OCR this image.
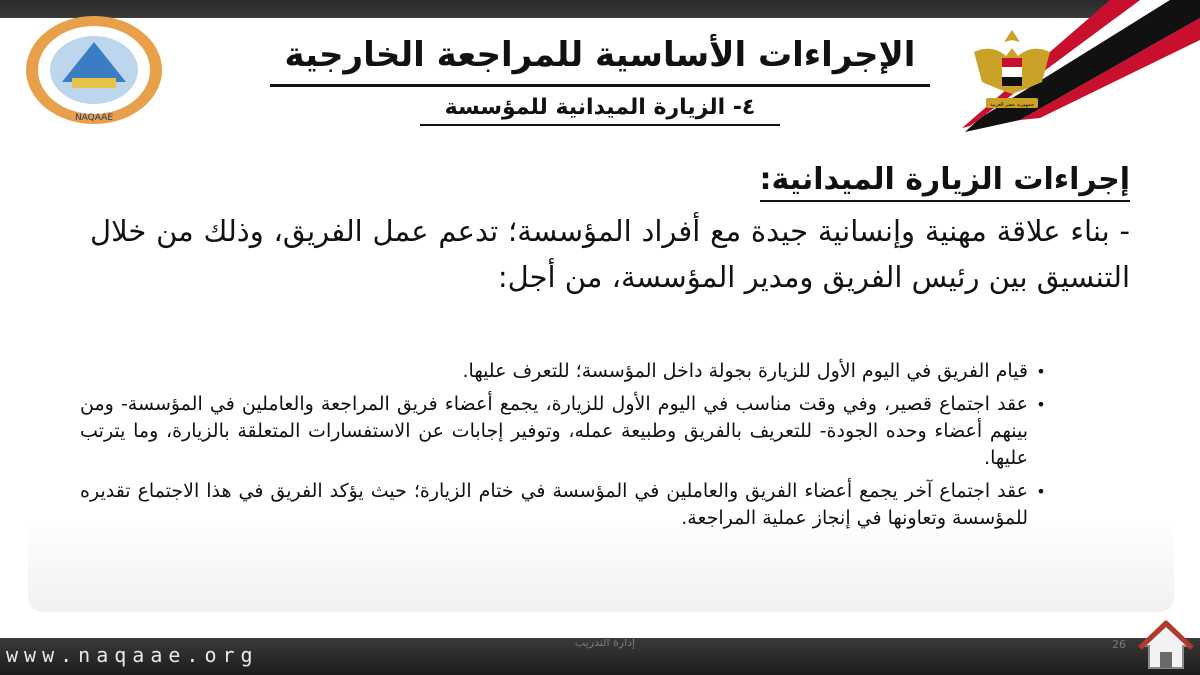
NAQAAE
جمهورية مصر العربية
الإجراءات الأساسية للمراجعة الخارجية
٤- الزيارة الميدانية للمؤسسة
إجراءات الزيارة الميدانية:
- بناء علاقة مهنية وإنسانية جيدة مع أفراد المؤسسة؛ تدعم عمل الفريق، وذلك من خلال التنسيق بين رئيس الفريق ومدير المؤسسة، من أجل:
•
قيام الفريق في اليوم الأول للزيارة بجولة داخل المؤسسة؛ للتعرف عليها.
•
عقد اجتماع قصير، وفي وقت مناسب في اليوم الأول للزيارة، يجمع أعضاء فريق المراجعة والعاملين في المؤسسة- ومن بينهم أعضاء وحده الجودة- للتعريف بالفريق وطبيعة عمله، وتوفير إجابات عن الاستفسارات المتعلقة بالزيارة، وما يترتب عليها.
•
عقد اجتماع آخر يجمع أعضاء الفريق والعاملين في المؤسسة في ختام الزيارة؛ حيث يؤكد الفريق في هذا الاجتماع تقديره للمؤسسة وتعاونها في إنجاز عملية المراجعة.
www.naqaae.org
إدارة التدريب	26
